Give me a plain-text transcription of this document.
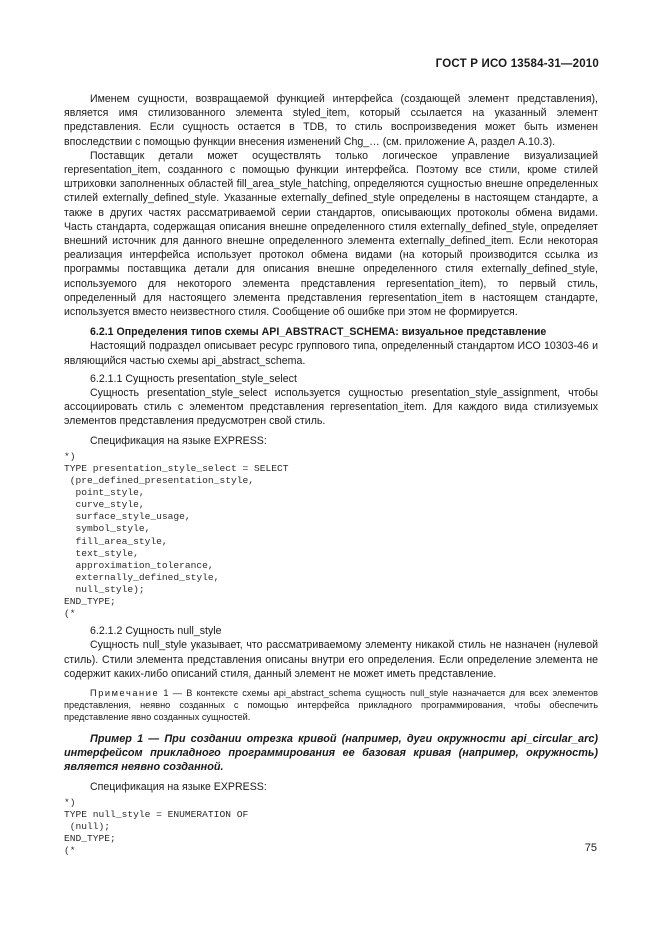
ГОСТ Р ИСО 13584-31—2010

Именем сущности, возвращаемой функцией интерфейса (создающей элемент представления), является имя стилизованного элемента styled_item, который ссылается на указанный элемент представления. Если сущность остается в TDB, то стиль воспроизведения может быть изменен впоследствии с помощью функции внесения изменений Chg_… (см. приложение А, раздел А.10.3).

Поставщик детали может осуществлять только логическое управление визуализацией representation_item, созданного с помощью функции интерфейса. Поэтому все стили, кроме стилей штриховки заполненных областей fill_area_style_hatching, определяются сущностью внешне определенных стилей externally_defined_style. Указанные externally_defined_style определены в настоящем стандарте, а также в других частях рассматриваемой серии стандартов, описывающих протоколы обмена видами. Часть стандарта, содержащая описания внешне определенного стиля externally_defined_style, определяет внешний источник для данного внешне определенного элемента externally_defined_item. Если некоторая реализация интерфейса использует протокол обмена видами (на который производится ссылка из программы поставщика детали для описания внешне определенного стиля externally_defined_style, используемого для некоторого элемента представления representation_item), то первый стиль, определенный для настоящего элемента представления representation_item в настоящем стандарте, используется вместо неизвестного стиля. Сообщение об ошибке при этом не формируется.

6.2.1 Определения типов схемы API_ABSTRACT_SCHEMA: визуальное представление

Настоящий подраздел описывает ресурс группового типа, определенный стандартом ИСО 10303-46 и являющийся частью схемы api_abstract_schema.

6.2.1.1 Сущность presentation_style_select

Сущность presentation_style_select используется сущностью presentation_style_assignment, чтобы ассоциировать стиль с элементом представления representation_item. Для каждого вида стилизуемых элементов представления предусмотрен свой стиль.

Спецификация на языке EXPRESS:

*)
TYPE presentation_style_select = SELECT
(pre_defined_presentation_style,
point_style,
curve_style,
surface_style_usage,
symbol_style,
fill_area_style,
text_style,
approximation_tolerance,
externally_defined_style,
null_style);
END_TYPE;
(*

6.2.1.2 Сущность null_style

Сущность null_style указывает, что рассматриваемому элементу никакой стиль не назначен (нулевой стиль). Стили элемента представления описаны внутри его определения. Если определение элемента не содержит каких-либо описаний стиля, данный элемент не может иметь представление.

Примечание 1 — В контексте схемы api_abstract_schema сущность null_style назначается для всех элементов представления, неявно созданных с помощью интерфейса прикладного программирования, чтобы обеспечить представление явно созданных сущностей.

Пример 1 — При создании отрезка кривой (например, дуги окружности api_circular_arc) интерфейсом прикладного программирования ее базовая кривая (например, окружность) является неявно созданной.

Спецификация на языке EXPRESS:

*)
TYPE null_style = ENUMERATION OF
(null);
END_TYPE;
(*	75
